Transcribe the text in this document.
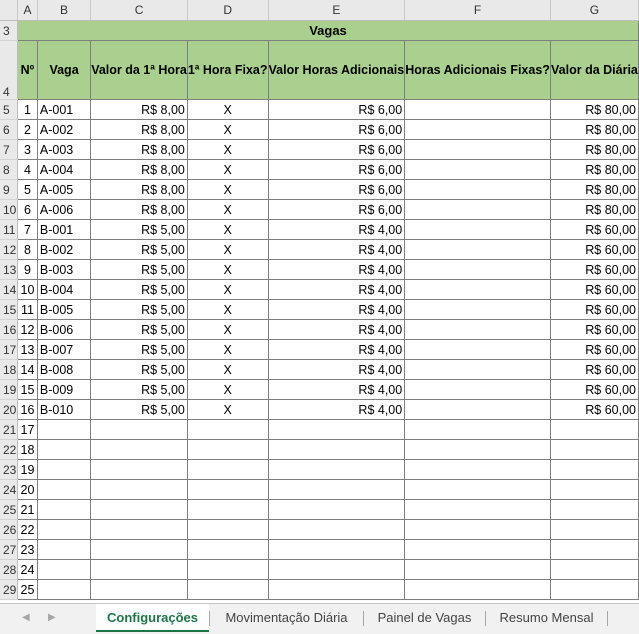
	A	B	C	D	E	F	G
3	Vagas						
4	Nº	Vaga	Valor da 1ª Hora	1ª Hora Fixa?	Valor Horas Adicionais	Horas Adicionais Fixas?	Valor da Diária
5	1	A-001	R$ 8,00	X	R$ 6,00		R$ 80,00
6	2	A-002	R$ 8,00	X	R$ 6,00		R$ 80,00
7	3	A-003	R$ 8,00	X	R$ 6,00		R$ 80,00
8	4	A-004	R$ 8,00	X	R$ 6,00		R$ 80,00
9	5	A-005	R$ 8,00	X	R$ 6,00		R$ 80,00
10	6	A-006	R$ 8,00	X	R$ 6,00		R$ 80,00
11	7	B-001	R$ 5,00	X	R$ 4,00		R$ 60,00
12	8	B-002	R$ 5,00	X	R$ 4,00		R$ 60,00
13	9	B-003	R$ 5,00	X	R$ 4,00		R$ 60,00
14	10	B-004	R$ 5,00	X	R$ 4,00		R$ 60,00
15	11	B-005	R$ 5,00	X	R$ 4,00		R$ 60,00
16	12	B-006	R$ 5,00	X	R$ 4,00		R$ 60,00
17	13	B-007	R$ 5,00	X	R$ 4,00		R$ 60,00
18	14	B-008	R$ 5,00	X	R$ 4,00		R$ 60,00
19	15	B-009	R$ 5,00	X	R$ 4,00		R$ 60,00
20	16	B-010	R$ 5,00	X	R$ 4,00		R$ 60,00
21	17						
22	18						
23	19						
24	20						
25	21						
26	22						
27	23						
28	24						
29	25						
◀ ▶	Configurações	Movimentação Diária	Painel de Vagas	Resumo Mensal
